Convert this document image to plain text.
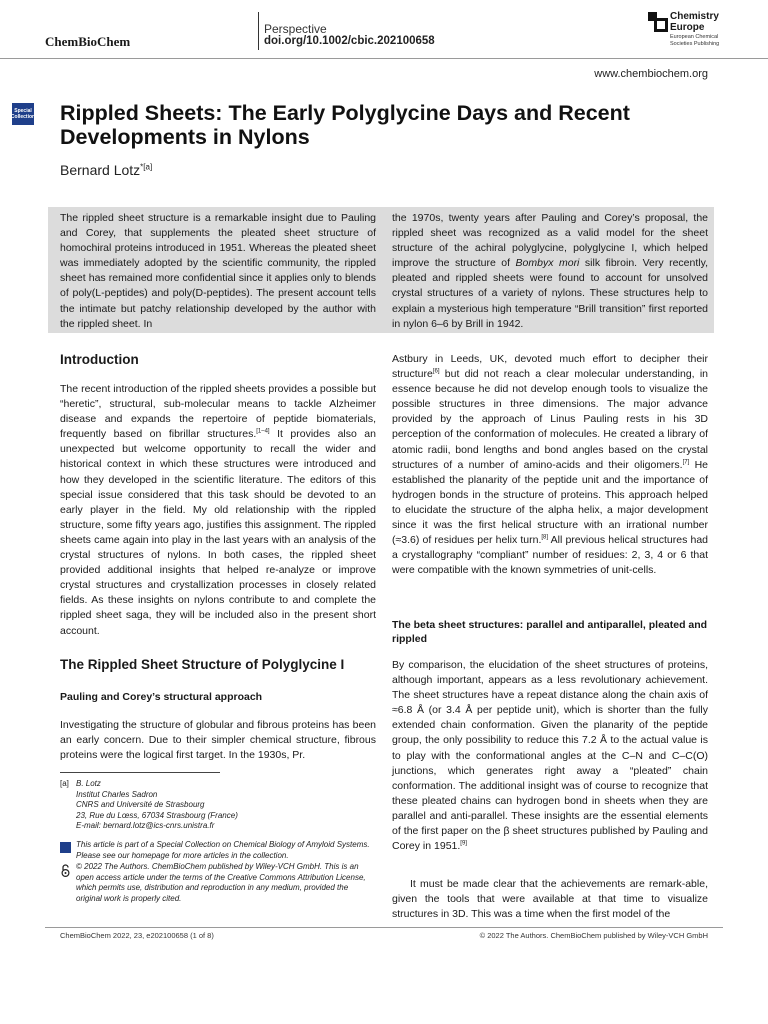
ChemBioChem
Perspective
doi.org/10.1002/cbic.202100658
Chemistry
Europe
European Chemical Societies Publishing
www.chembiochem.org
Special Collection Rippled Sheets: The Early Polyglycine Days and Recent Developments in Nylons
Bernard Lotz$^{*[a]}$
The rippled sheet structure is a remarkable insight due to Pauling and Corey, that supplements the pleated sheet structure of homochiral proteins introduced in 1951. Whereas the pleated sheet was immediately adopted by the scientific community, the rippled sheet has remained more confidential since it applies only to blends of poly(L-peptides) and poly(D-peptides). The present account tells the intimate but patchy relationship developed by the author with the rippled sheet. In
the 1970s, twenty years after Pauling and Corey’s proposal, the rippled sheet was recognized as a valid model for the sheet structure of the achiral polyglycine, polyglycine I, which helped improve the structure of Bombyx mori silk fibroin. Very recently, pleated and rippled sheets were found to account for unsolved crystal structures of a variety of nylons. These structures help to explain a mysterious high temperature “Brill transition” first reported in nylon 6–6 by Brill in 1942.
Introduction
The recent introduction of the rippled sheets provides a possible but “heretic”, structural, sub-molecular means to tackle Alzheimer disease and expands the repertoire of peptide biomaterials, frequently based on fibrillar structures.[1–4] It provides also an unexpected but welcome opportunity to recall the wider and historical context in which these structures were introduced and how they developed in the scientific literature. The editors of this special issue considered that this task should be devoted to an early player in the field. My old relationship with the rippled structure, some fifty years ago, justifies this assignment. The rippled sheets came again into play in the last years with an analysis of the crystal structures of nylons. In both cases, the rippled sheet provided additional insights that helped re-analyze or improve crystal structures and crystallization processes in closely related fields. As these insights on nylons contribute to and complete the rippled sheet saga, they will be included also in the present short account.
The Rippled Sheet Structure of Polyglycine I
Pauling and Corey’s structural approach
Investigating the structure of globular and fibrous proteins has been an early concern. Due to their simpler chemical structure, fibrous proteins were the logical first target. In the 1930s, Pr.
[a] B. Lotz
Institut Charles Sadron
CNRS and Université de Strasbourg
23, Rue du Lœss, 67034 Strasbourg (France)
E-mail: bernard.lotz@ics-cnrs.unistra.fr
This article is part of a Special Collection on Chemical Biology of Amyloid Systems. Please see our homepage for more articles in the collection.
© 2022 The Authors. ChemBioChem published by Wiley-VCH GmbH. This is an open access article under the terms of the Creative Commons Attribution License, which permits use, distribution and reproduction in any medium, provided the original work is properly cited.
Astbury in Leeds, UK, devoted much effort to decipher their structure[6] but did not reach a clear molecular understanding, in essence because he did not develop enough tools to visualize the possible structures in three dimensions. The major advance provided by the approach of Linus Pauling rests in his 3D perception of the conformation of molecules. He created a library of atomic radii, bond lengths and bond angles based on the crystal structures of a number of amino-acids and their oligomers.[7] He established the planarity of the peptide unit and the importance of hydrogen bonds in the structure of proteins. This approach helped to elucidate the structure of the alpha helix, a major development since it was the first helical structure with an irrational number (≈3.6) of residues per helix turn.[8] All previous helical structures had a crystallography “compliant” number of residues: 2, 3, 4 or 6 that were compatible with the known symmetries of unit-cells.
The beta sheet structures: parallel and antiparallel, pleated and rippled
By comparison, the elucidation of the sheet structures of proteins, although important, appears as a less revolutionary achievement. The sheet structures have a repeat distance along the chain axis of ≈6.8 Å (or 3.4 Å per peptide unit), which is shorter than the fully extended chain conformation. Given the planarity of the peptide group, the only possibility to reduce this 7.2 Å to the actual value is to play with the conformational angles at the C–N and C–C(O) junctions, which generates right away a “pleated” chain conformation. The additional insight was of course to recognize that these pleated chains can hydrogen bond in sheets when they are parallel and anti-parallel. These insights are the essential elements of the first paper on the β sheet structures published by Pauling and Corey in 1951.[9]
It must be made clear that the achievements are remark-able, given the tools that were available at that time to visualize structures in 3D. This was a time when the first model of the
ChemBioChem 2022, 23, e202100658 (1 of 8)	© 2022 The Authors. ChemBioChem published by Wiley-VCH GmbH
